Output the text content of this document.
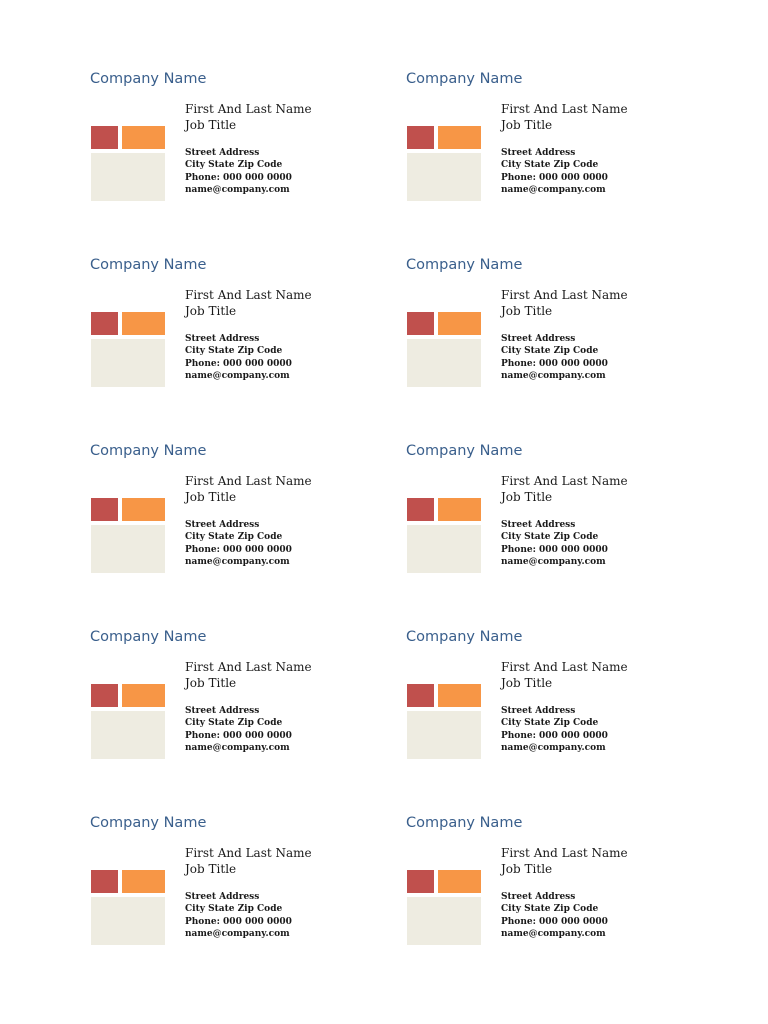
Company Name
First And Last Name
Job Title
Street Address
City State Zip Code
Phone: 000 000 0000
name@company.com
Company Name
First And Last Name
Job Title
Street Address
City State Zip Code
Phone: 000 000 0000
name@company.com
Company Name
First And Last Name
Job Title
Street Address
City State Zip Code
Phone: 000 000 0000
name@company.com
Company Name
First And Last Name
Job Title
Street Address
City State Zip Code
Phone: 000 000 0000
name@company.com
Company Name
First And Last Name
Job Title
Street Address
City State Zip Code
Phone: 000 000 0000
name@company.com
Company Name
First And Last Name
Job Title
Street Address
City State Zip Code
Phone: 000 000 0000
name@company.com
Company Name
First And Last Name
Job Title
Street Address
City State Zip Code
Phone: 000 000 0000
name@company.com
Company Name
First And Last Name
Job Title
Street Address
City State Zip Code
Phone: 000 000 0000
name@company.com
Company Name
First And Last Name
Job Title
Street Address
City State Zip Code
Phone: 000 000 0000
name@company.com
Company Name
First And Last Name
Job Title
Street Address
City State Zip Code
Phone: 000 000 0000
name@company.com
